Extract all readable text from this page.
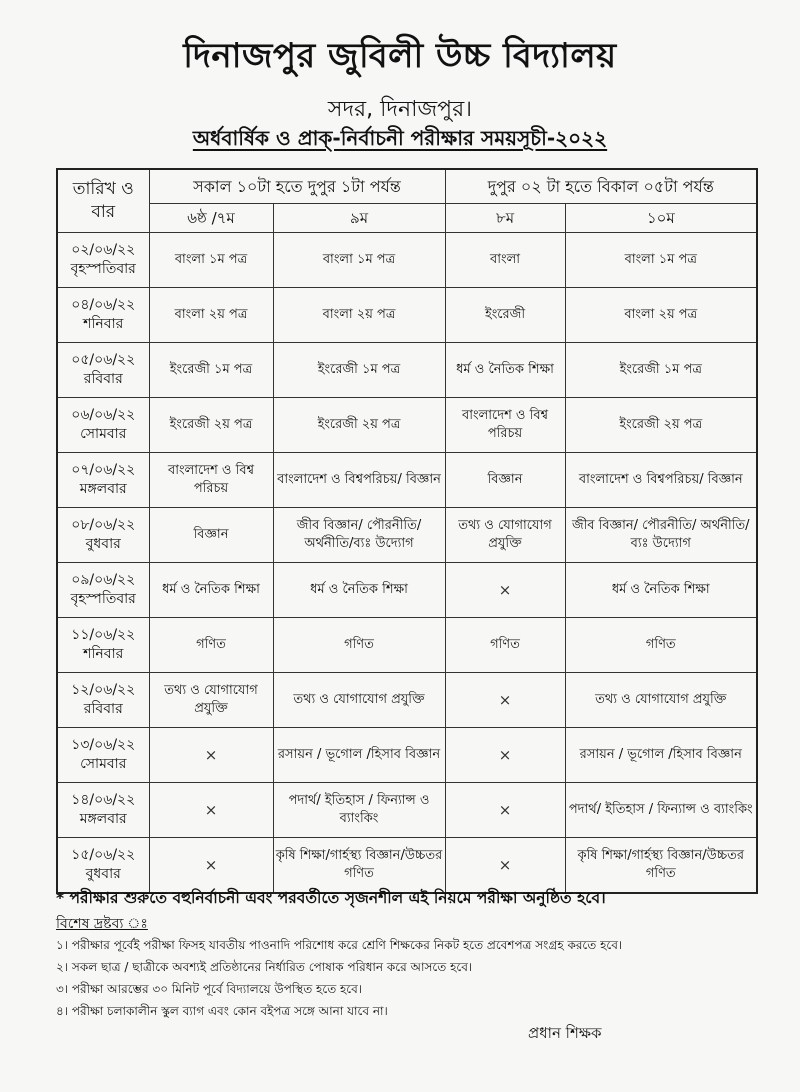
দিনাজপুর জুবিলী উচ্চ বিদ্যালয়
সদর, দিনাজপুর।
অর্ধবার্ষিক ও প্রাক্-নির্বাচনী পরীক্ষার সময়সূচী-২০২২
তারিখ ও বার	সকাল ১০টা হতে দুপুর ১টা পর্যন্ত		দুপুর ০২ টা হতে বিকাল ০৫টা পর্যন্ত	
	৬ষ্ঠ /৭ম	৯ম	৮ম	১০ম

০২/০৬/২২
বৃহস্পতিবার	বাংলা ১ম পত্র	বাংলা ১ম পত্র	বাংলা	বাংলা ১ম পত্র

০৪/০৬/২২
শনিবার	বাংলা ২য় পত্র	বাংলা ২য় পত্র	ইংরেজী	বাংলা ২য় পত্র

০৫/০৬/২২
রবিবার	ইংরেজী ১ম পত্র	ইংরেজী ১ম পত্র	ধর্ম ও নৈতিক শিক্ষা	ইংরেজী ১ম পত্র

০৬/০৬/২২
সোমবার	ইংরেজী ২য় পত্র	ইংরেজী ২য় পত্র	বাংলাদেশ ও বিশ্ব পরিচয়	ইংরেজী ২য় পত্র

০৭/০৬/২২
মঙ্গলবার	বাংলাদেশ ও বিশ্ব পরিচয়	বাংলাদেশ ও বিশ্বপরিচয়/ বিজ্ঞান	বিজ্ঞান	বাংলাদেশ ও বিশ্বপরিচয়/ বিজ্ঞান

০৮/০৬/২২
বুধবার	বিজ্ঞান	জীব বিজ্ঞান/ পৌরনীতি/ অর্থনীতি/ব্যঃ উদ্যোগ	তথ্য ও যোগাযোগ প্রযুক্তি	জীব বিজ্ঞান/ পৌরনীতি/ অর্থনীতি/ব্যঃ উদ্যোগ

০৯/০৬/২২
বৃহস্পতিবার	ধর্ম ও নৈতিক শিক্ষা	ধর্ম ও নৈতিক শিক্ষা	×	ধর্ম ও নৈতিক শিক্ষা

১১/০৬/২২
শনিবার	গণিত	গণিত	গণিত	গণিত

১২/০৬/২২
রবিবার	তথ্য ও যোগাযোগ প্রযুক্তি	তথ্য ও যোগাযোগ প্রযুক্তি	×	তথ্য ও যোগাযোগ প্রযুক্তি

১৩/০৬/২২
সোমবার	×	রসায়ন / ভূগোল /হিসাব বিজ্ঞান	×	রসায়ন / ভূগোল /হিসাব বিজ্ঞান

১৪/০৬/২২
মঙ্গলবার	×	পদার্থ/ ইতিহাস / ফিন্যান্স ও ব্যাংকিং	×	পদার্থ/ ইতিহাস / ফিন্যান্স ও ব্যাংকিং

১৫/০৬/২২
বুধবার	×	কৃষি শিক্ষা/গার্হস্থ্য বিজ্ঞান/উচ্চতর গণিত	×	কৃষি শিক্ষা/গার্হস্থ্য বিজ্ঞান/উচ্চতর গণিত
* পরীক্ষার শুরুতে বহুনির্বাচনী এবং পরবর্তীতে সৃজনশীল এই নিয়মে পরীক্ষা অনুষ্ঠিত হবে।
বিশেষ দ্রষ্টব্য ঃ
১। পরীক্ষার পূর্বেই পরীক্ষা ফিসহ যাবতীয় পাওনাদি পরিশোধ করে শ্রেণি শিক্ষকের নিকট হতে প্রবেশপত্র সংগ্রহ করতে হবে।
২। সকল ছাত্র / ছাত্রীকে অবশ্যই প্রতিষ্ঠানের নির্ধারিত পোষাক পরিধান করে আসতে হবে।
৩। পরীক্ষা আরম্ভের ৩০ মিনিট পূর্বে বিদ্যালয়ে উপস্থিত হতে হবে।
৪। পরীক্ষা চলাকালীন স্কুল ব্যাগ এবং কোন বইপত্র সঙ্গে আনা যাবে না।
প্রধান শিক্ষক
